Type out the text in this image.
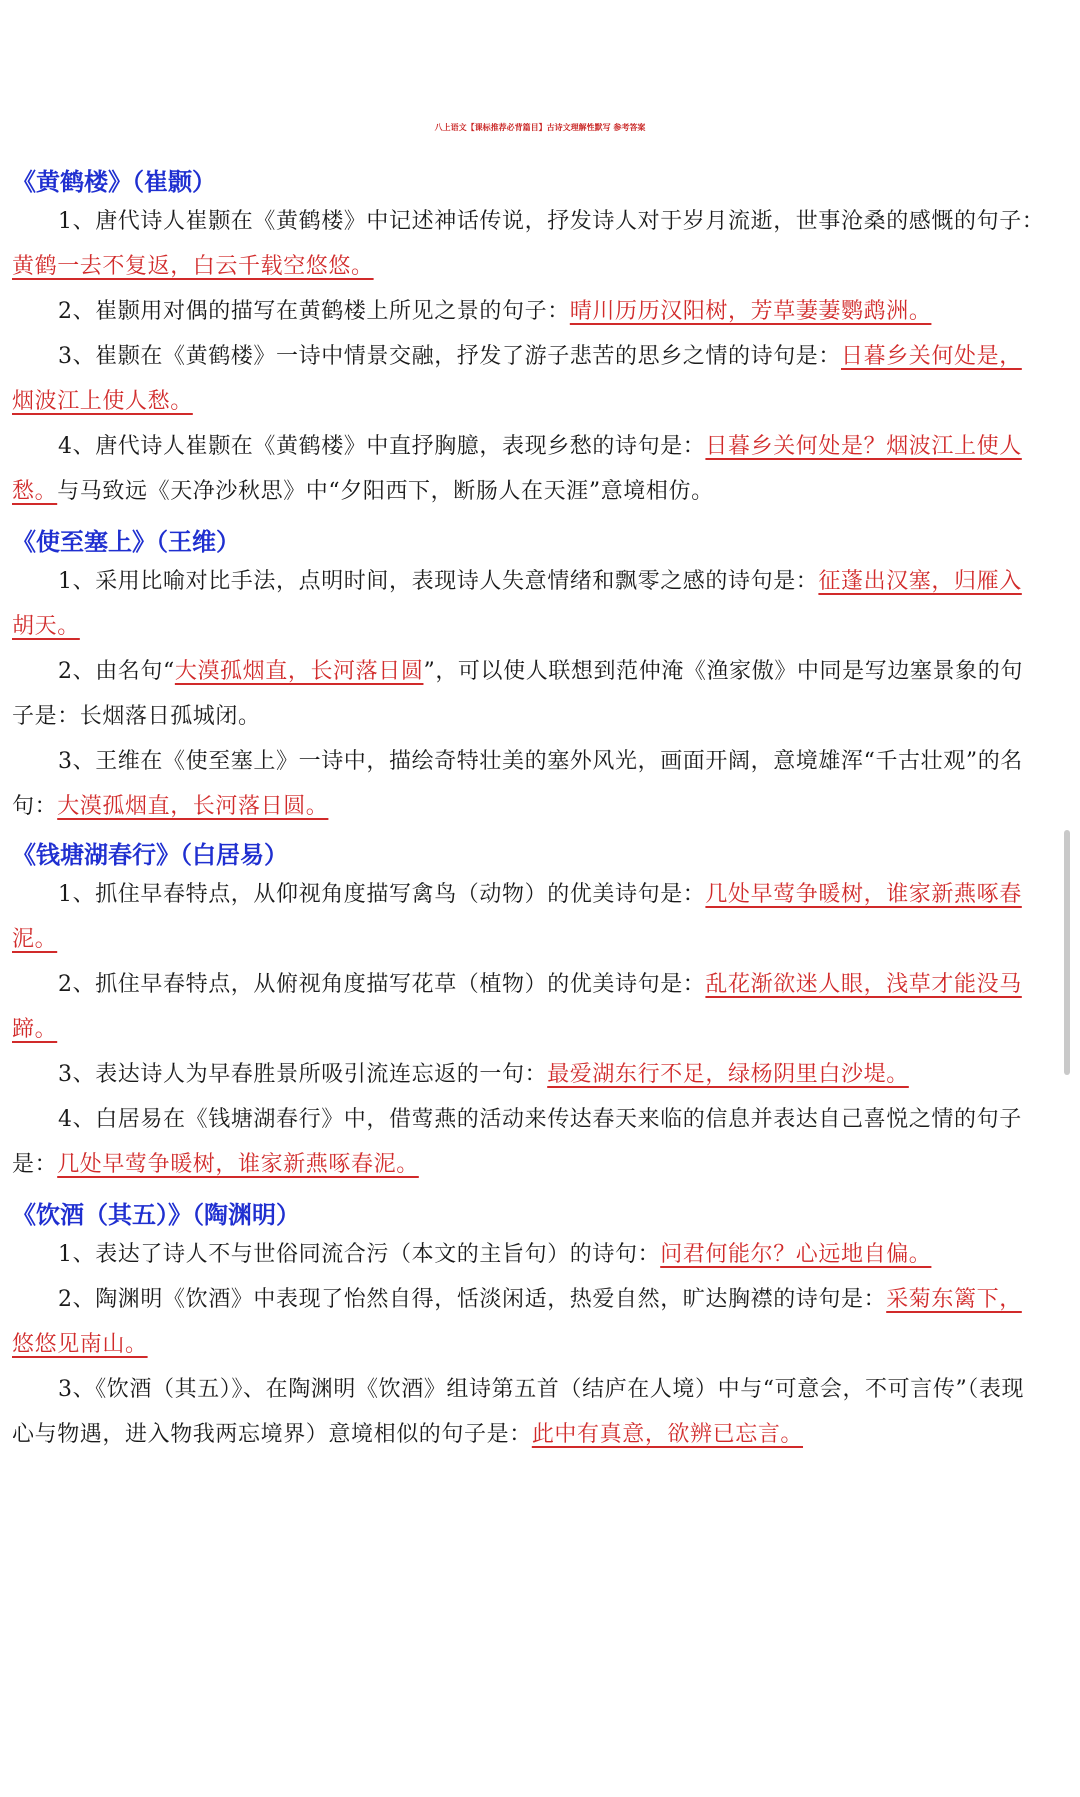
八上语文【课标推荐必背篇目】古诗文理解性默写 参考答案
《黄鹤楼》（崔颢）
1、唐代诗人崔颢在《黄鹤楼》中记述神话传说，抒发诗人对于岁月流逝，世事沧桑的感慨的句子：
黄鹤一去不复返，白云千载空悠悠。
2、崔颢用对偶的描写在黄鹤楼上所见之景的句子：晴川历历汉阳树，芳草萋萋鹦鹉洲。
3、崔颢在《黄鹤楼》一诗中情景交融，抒发了游子悲苦的思乡之情的诗句是：日暮乡关何处是，
烟波江上使人愁。
4、唐代诗人崔颢在《黄鹤楼》中直抒胸臆，表现乡愁的诗句是：日暮乡关何处是？烟波江上使人
愁。与马致远《天净沙秋思》中“夕阳西下，断肠人在天涯”意境相仿。
《使至塞上》（王维）
1、采用比喻对比手法，点明时间，表现诗人失意情绪和飘零之感的诗句是：征蓬出汉塞，归雁入
胡天。
2、由名句“大漠孤烟直，长河落日圆”，可以使人联想到范仲淹《渔家傲》中同是写边塞景象的句
子是：长烟落日孤城闭。
3、王维在《使至塞上》一诗中，描绘奇特壮美的塞外风光，画面开阔，意境雄浑“千古壮观”的名
句：大漠孤烟直，长河落日圆。
《钱塘湖春行》（白居易）
1、抓住早春特点，从仰视角度描写禽鸟（动物）的优美诗句是：几处早莺争暖树，谁家新燕啄春
泥。
2、抓住早春特点，从俯视角度描写花草（植物）的优美诗句是：乱花渐欲迷人眼，浅草才能没马
蹄。
3、表达诗人为早春胜景所吸引流连忘返的一句：最爱湖东行不足，绿杨阴里白沙堤。
4、白居易在《钱塘湖春行》中，借莺燕的活动来传达春天来临的信息并表达自己喜悦之情的句子
是：几处早莺争暖树，谁家新燕啄春泥。
《饮酒（其五）》（陶渊明）
1、表达了诗人不与世俗同流合污（本文的主旨句）的诗句：问君何能尔？心远地自偏。
2、陶渊明《饮酒》中表现了怡然自得，恬淡闲适，热爱自然，旷达胸襟的诗句是：采菊东篱下，
悠悠见南山。
3、《饮酒（其五）》、在陶渊明《饮酒》组诗第五首（结庐在人境）中与“可意会，不可言传”（表现
心与物遇，进入物我两忘境界）意境相似的句子是：此中有真意，欲辨已忘言。
